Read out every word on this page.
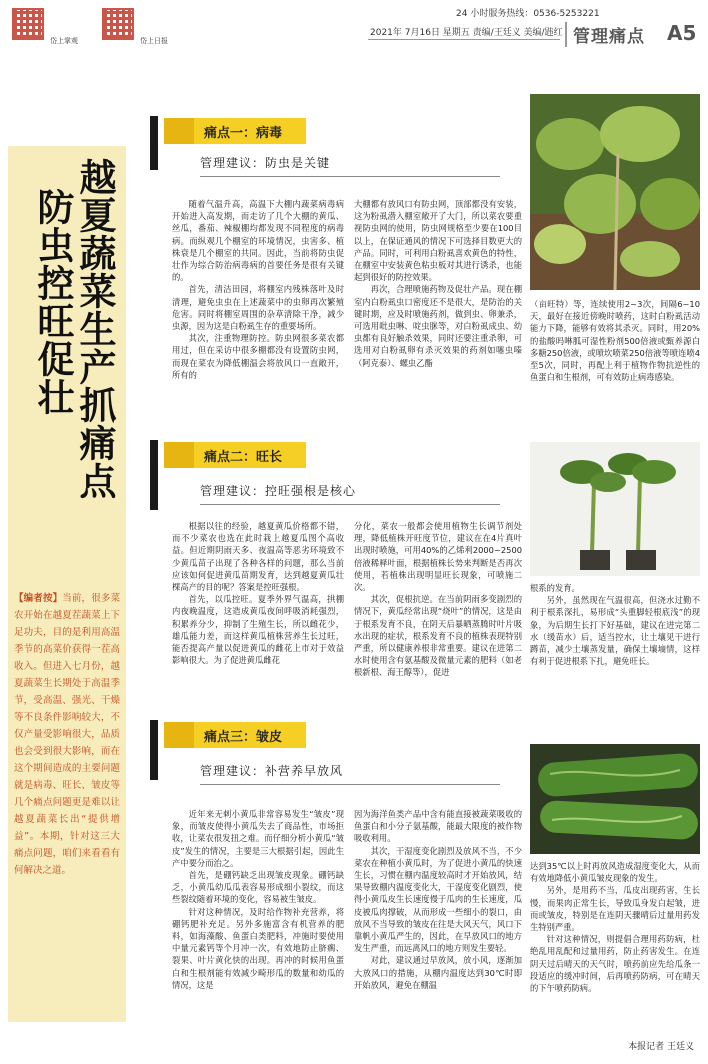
岱上掌观	岱上日报
24 小时服务热线：0536-5253221
2021年 7月16日 星期五 责编/王廷义 美编/韪红 管理痛点 A5
越夏蔬菜生产抓痛点
防虫控旺促壮
【编者按】当前，很多菜农开始在越夏茬蔬菜上下足功夫，目的是利用高温季节的高菜价获得一茬高收入。但进入七月份，越夏蔬菜生长期处于高温季节，受高温、强光、干燥等不良条件影响较大，不仅产量受影响很大，品质也会受到很大影响，而在这个期间造成的主要问题就是病毒、旺长、皱皮等几个痛点问题更是难以让越夏蔬菜长出“提供增益”。本期，针对这三大痛点问题，咱们来看看有何解决之道。
痛点一：病毒
管理建议：防虫是关键

随着气温升高，高温下大棚内蔬菜病毒病开始进入高发期，而走访了几个大棚的黄瓜、丝瓜，番茄、辣椒棚均都发现不同程度的病毒病。而纵观几个棚室的环境情况，虫害多、植株衰是几个棚室的共同。因此，当前将防虫促壮作为综合防治病毒病的首要任务是很有关键的。

首先，清洁田园，将棚室内残株落叶及时清理，避免虫虫在上述蔬菜中的虫卵再次繁殖危害。同时将棚室周围的杂草清除干净，减少虫源，因为这是白粉虱生存的重要场所。

其次，注重物理防控。防虫网很多菜农都用过，但在采访中很多棚都没有设置防虫网，而现在菜农为降低棚温会将放风口一直敞开，所有的

大棚都有放风口有防虫网，顶部都没有安装，这为粉虱潜入棚室敞开了大门，所以菜农要重视防虫网的使用，防虫网规格至少要在100目以上，在保证通风的情况下可选择目数更大的产品。同时，可利用白粉虱喜欢黄色的特性，在棚室中安装黄色粘虫板对其进行诱杀，也能起到很好的防控效果。

再次，合理喷施药物及促壮产品。现在棚室内白粉虱虫口密度还不是很大，是防治的关键时期，应及时喷施药剂，做到虫、卵兼杀，可选用吡虫啉、啶虫脒等，对白粉虱成虫、幼虫都有良好触杀效果，同时还要注重杀卵，可选用对白粉虱卵有杀灭效果的药剂如噻虫嗪（阿克泰）、螺虫乙酯

（亩旺特）等，连续使用2~3次，间隔6~10天，最好在接近傍晚时喷药，这时白粉虱活动能力下降，能够有效将其杀灭。同时，用20%的盐酸吗啉胍可湿性粉剂500倍液或甄养源白多糖250倍液，或喷坎喷菜250倍液等喷连喷4至5次，同时，再配上利于植物作物抗逆性的鱼蛋白和生根剂，可有效防止病毒感染。

痛点二：旺长
管理建议：控旺强根是核心

根据以往的经验，越夏黄瓜价格都不错，而不少菜农也选在此时栽上越夏瓜图个高收益。但近期阴雨天多、夜温高等恶劣环境致不少黄瓜苗子出现了各种各样的问题，那么当前应该如何促进黄瓜苗期发育，达到越夏黄瓜壮棵高产的目的呢？答案是控旺强根。

首先，以瓜控旺。夏季外界气温高，拱棚内夜晚温度，这造成黄瓜夜间呼吸消耗强烈，积累养分少，抑制了生殖生长，所以雌花少，雄瓜能力差，而这样黄瓜植株营养生长过旺，能否提高产量以促进黄瓜的雌花上市对于效益影响很大。为了促进黄瓜雌花

分化，菜农一般都会使用植物生长调节剂处理，降低植株开旺度节位，建议在在4片真叶出现时喷施，可用40%的乙烯利2000~2500倍液稀释叶面，根据植株长势来判断是否再次使用，若植株出现明显旺长现象，可喷施二次。

其次，促根抗逆。在当前阴雨多变剧烈的情况下，黄瓜经常出现“烧叶”的情况，这是由于根系发育不良，在阴天后暴晒蒸腾时叶片吸水出现的症状，根系发育不良的植株表现特别严重，所以健康养根非常重要。建议在进第二水时使用含有氨基酸及微量元素的肥料（如老根新根、海王醇等），促进

根系的发育。

另外，虽然现在气温很高，但浇水过勤不利于根系深扎，易形成“头重脚轻根底浅”的现象，为后期生长打下好基础，建议在进完第二水（缓苗水）后，适当控水，让土壤见干进行蹲苗，减少土壤蒸发量，确保土壤墒情，这样有利于促进根系下扎，避免旺长。

痛点三：皱皮
管理建议：补营养早放风

近年来无刺小黄瓜非常容易发生“皱皮”现象，而皱皮使得小黄瓜失去了商品性，市场拒收，让菜农很发扭之难。而仔细分析小黄瓜“皱皮”发生的情况，主要是三大根据引起，因此生产中要分而治之。

首先，是硼钙缺乏出现皱皮现象。硼钙缺乏，小黄瓜幼瓜瓜表容易形成细小裂纹，而这些裂纹随着环境的变化，容易被生皱皮。

针对这种情况，及时给作物补充营养，将硼钙肥补充足。另外多施富含有机营养的肥料，如海藻酸、鱼蛋白类肥料，冲施时要使用中量元素钙等个月冲一次，有效地防止脐瘸、裂果、叶片黄化快的出现。再冲的时候用鱼蛋白和生根剂能有效减少畸形瓜的数量和幼瓜的情况，这是

因为海洋鱼类产品中含有能直接被蔬菜吸收的鱼蛋白和小分子氨基酸，能最大限度的被作物吸收利用。

其次，干湿度变化剧烈及放风不当，不少菜农在种植小黄瓜时，为了促进小黄瓜的快速生长，习惯在棚内温度较高时才开始放风，结果导致棚内温度变化大，干湿度变化剧烈，使得小黄瓜皮生长速度慢于瓜肉的生长速度，瓜皮被瓜肉撑破，从而形成一些细小的裂口，由放风不当导致的皱皮在往是大风天气，风口下靠帆小黄瓜严生的，因此，在早放风口的地方发生严重，而远离风口的地方则发生要轻。

对此，建议通过早放风，放小风，逐渐加大放风口的措施，从棚内温度达到30℃时即开始放风，避免在棚温

达到35℃以上时再放风造成湿度变化大，从而有效地降低小黄瓜皱皮现象的发生。

另外，是用药不当，瓜皮出现药害，生长慢，而果肉正常生长，导致瓜身发白起皱，进而或皱皮，特别是在连阴天骤晴后过量用药发生特别严重。

针对这种情况，则提倡合理用药防病，杜绝乱用乱配和过量用药，防止药害发生。在连阴天过后晴天的天气时，喷药前应先给瓜条一段适应的缓冲时间，后再喷药防病，可在晴天的下午喷药防病。

本报记者 王廷义
